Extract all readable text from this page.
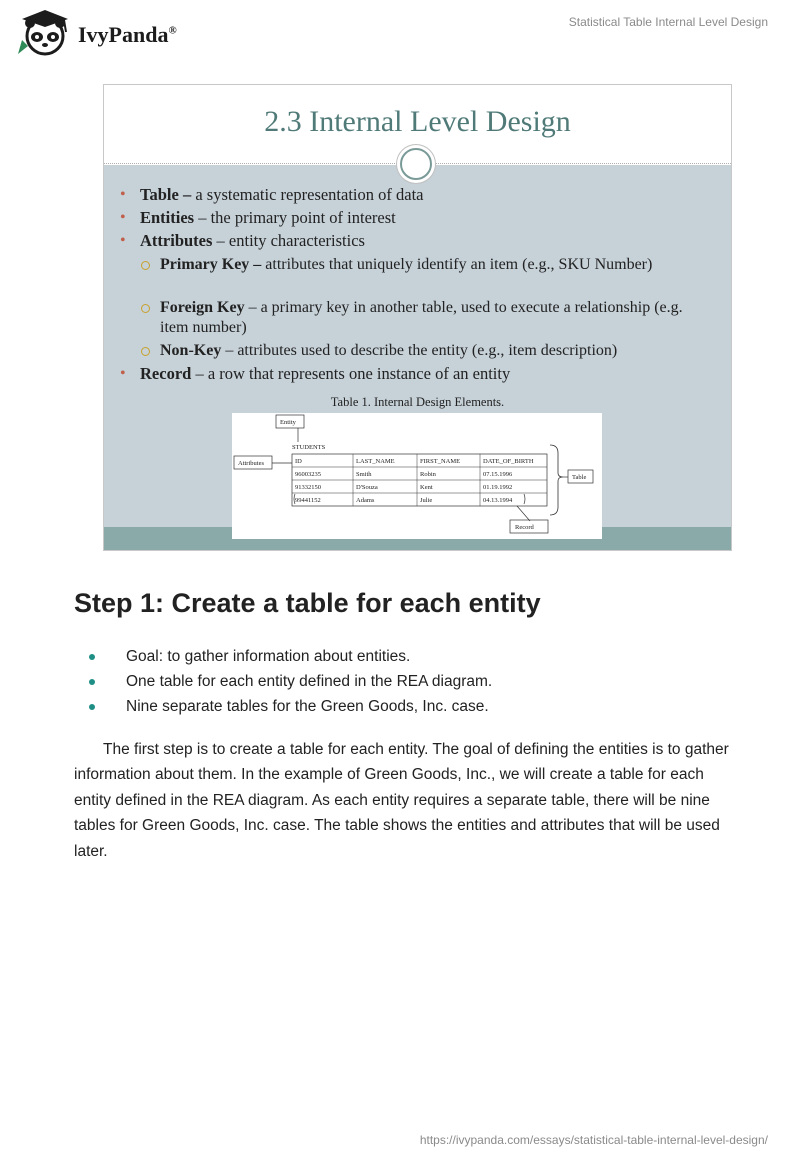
IvyPanda®
Statistical Table Internal Level Design
2.3 Internal Level Design
• Table – a systematic representation of data
• Entities – the primary point of interest
• Attributes – entity characteristics
Primary Key – attributes that uniquely identify an item (e.g., SKU Number)
Foreign Key – a primary key in another table, used to execute a relationship (e.g. item number)
Non-Key – attributes used to describe the entity (e.g., item description)
• Record – a row that represents one instance of an entity
Table 1. Internal Design Elements.
Entity
STUDENTS
Attributes	ID	LAST_NAME	FIRST_NAME	DATE_OF_BIRTH
96003235	Smith	Robin	07.15.1996
91332150	D'Souza	Kent	01.19.1992
99441152	Adams	Julie	04.13.1994
Record
Table
Step 1: Create a table for each entity
Goal: to gather information about entities.
One table for each entity defined in the REA diagram.
Nine separate tables for the Green Goods, Inc. case.
The first step is to create a table for each entity. The goal of defining the entities is to gather information about them. In the example of Green Goods, Inc., we will create a table for each entity defined in the REA diagram. As each entity requires a separate table, there will be nine tables for Green Goods, Inc. case. The table shows the entities and attributes that will be used later.
https://ivypanda.com/essays/statistical-table-internal-level-design/
